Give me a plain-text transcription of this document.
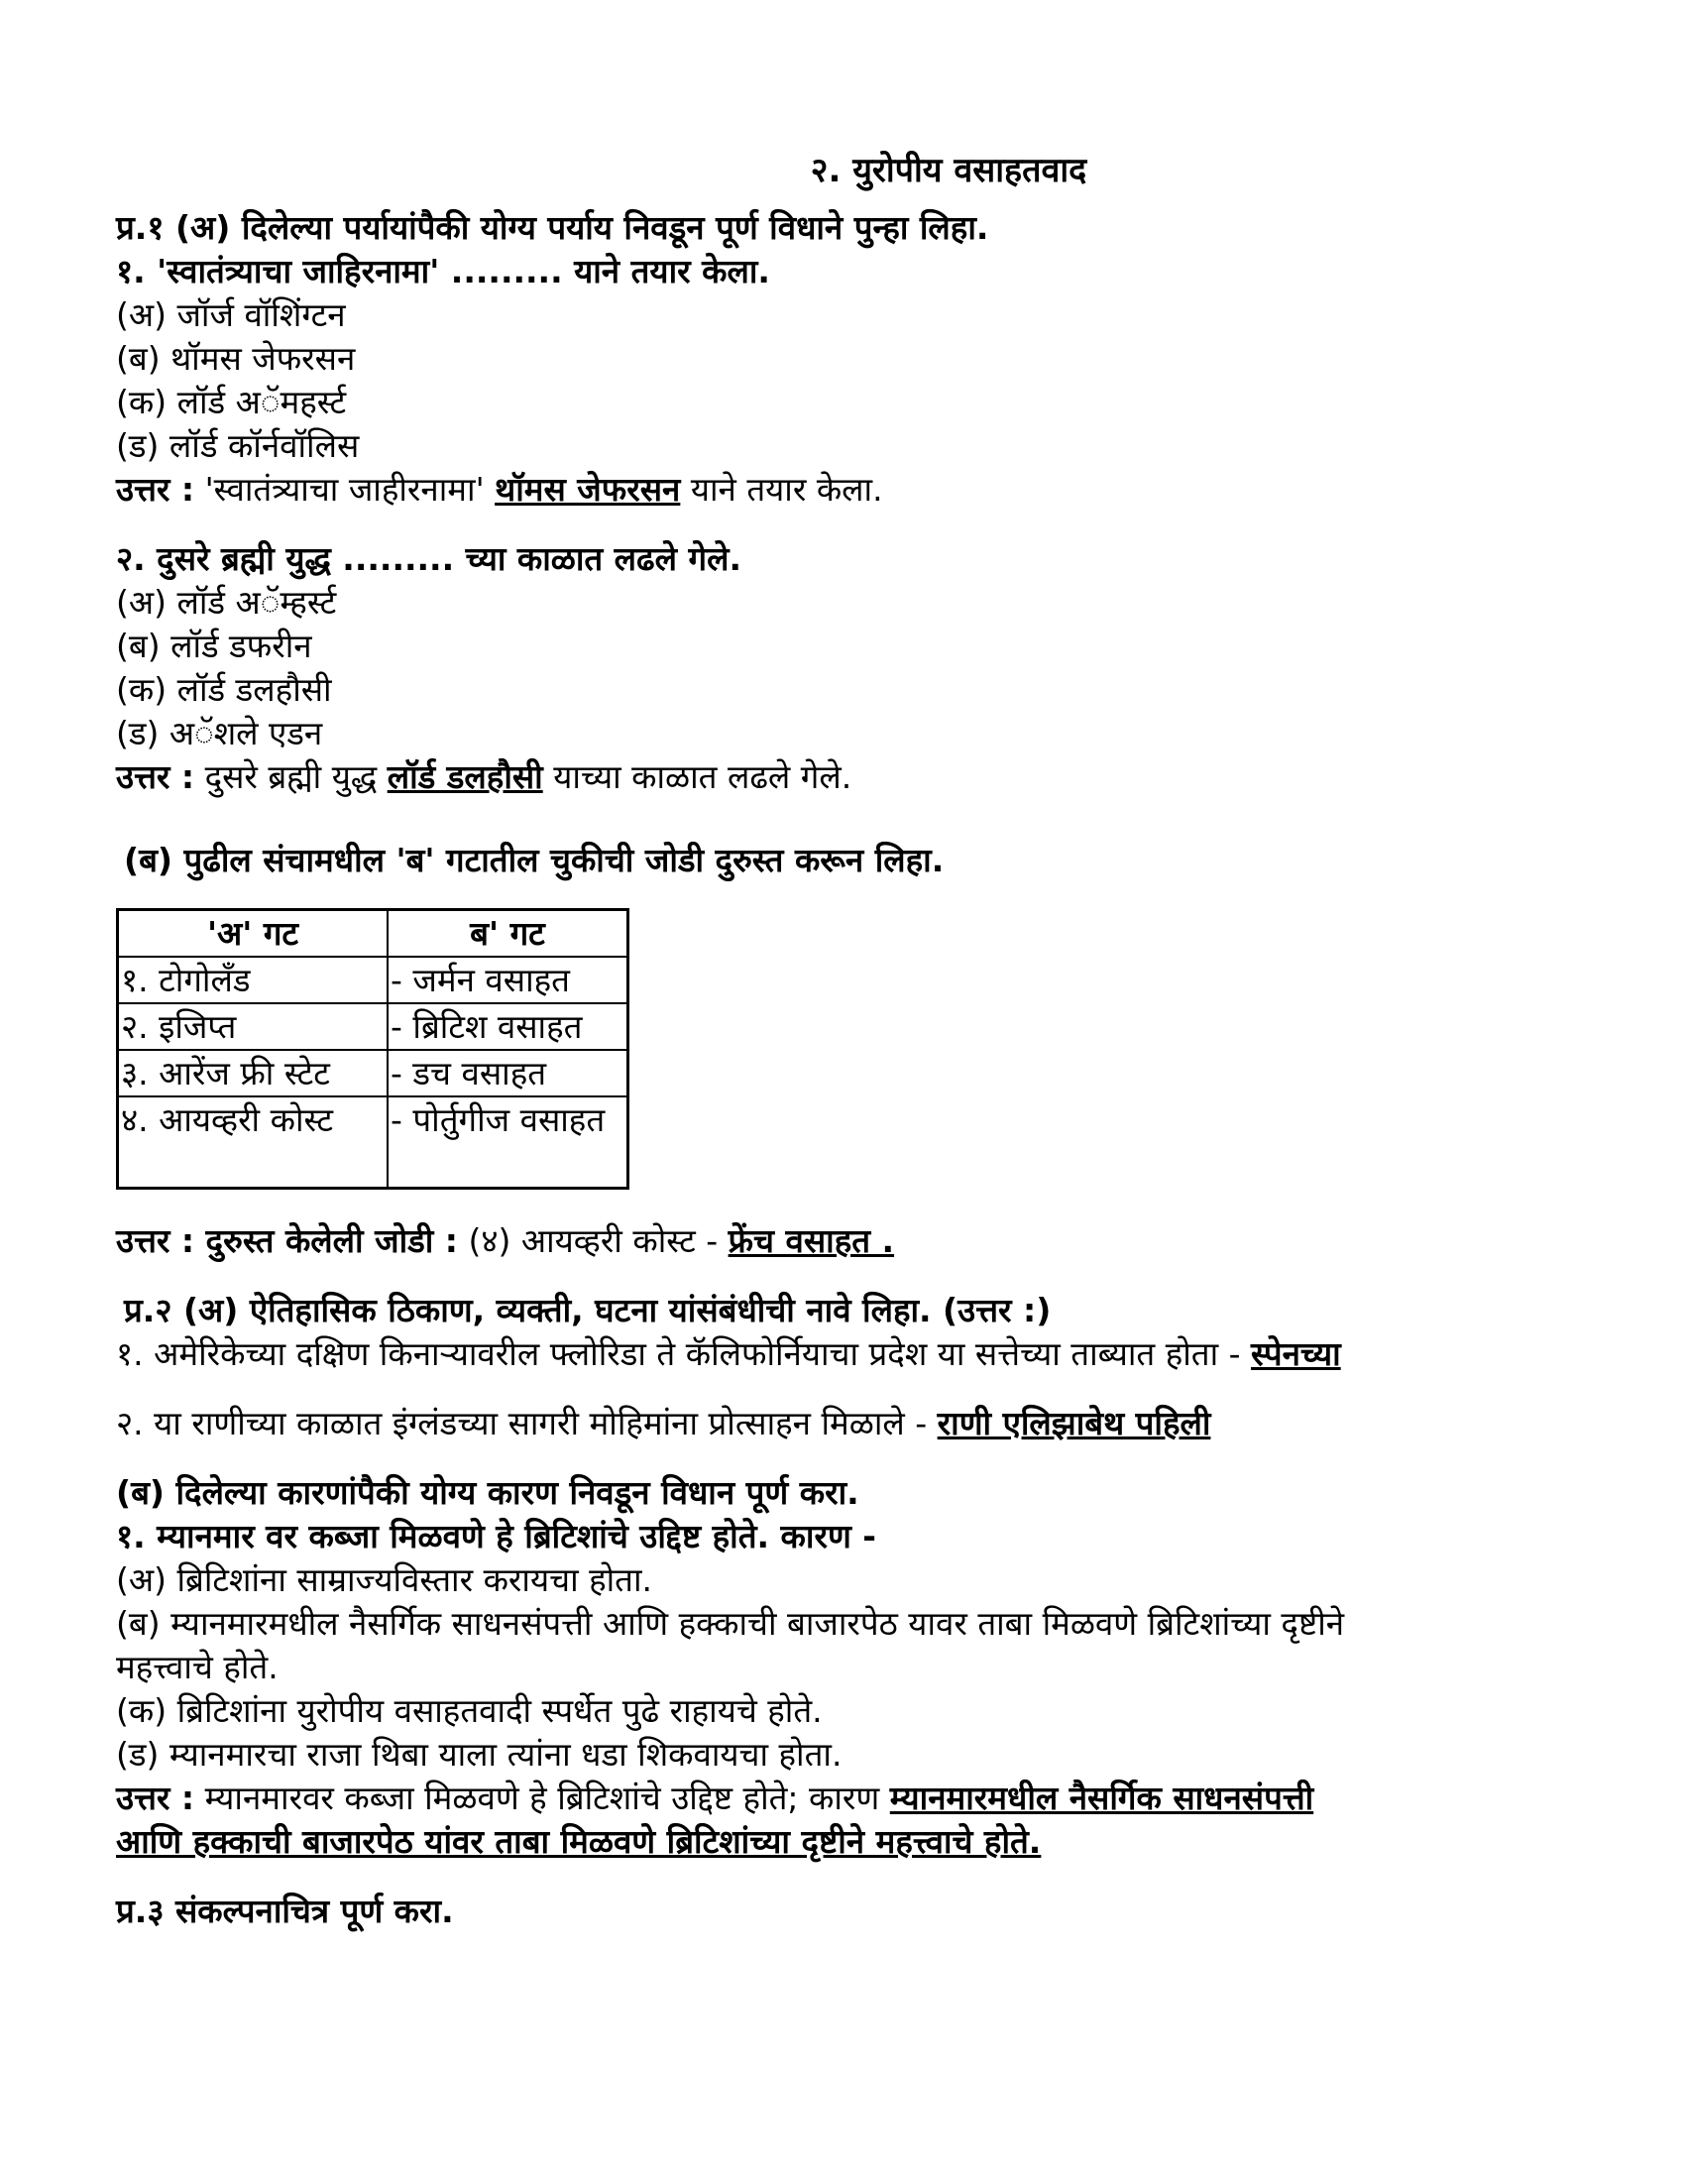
२. युरोपीय वसाहतवाद
प्र.१ (अ) दिलेल्या पर्यायांपैकी योग्य पर्याय निवडून पूर्ण विधाने पुन्हा लिहा.
१. 'स्वातंत्र्याचा जाहिरनामा' ......... याने तयार केला.
(अ) जॉर्ज वॉशिंग्टन
(ब) थॉमस जेफरसन
(क) लॉर्ड अॅमहर्स्ट
(ड) लॉर्ड कॉर्नवॉलिस
उत्तर : 'स्वातंत्र्याचा जाहीरनामा' थॉमस जेफरसन याने तयार केला.
२. दुसरे ब्रह्मी युद्ध ......... च्या काळात लढले गेले.
(अ) लॉर्ड अॅम्हर्स्ट
(ब) लॉर्ड डफरीन
(क) लॉर्ड डलहौसी
(ड) अॅशले एडन
उत्तर : दुसरे ब्रह्मी युद्ध लॉर्ड डलहौसी याच्या काळात लढले गेले.
(ब) पुढील संचामधील 'ब' गटातील चुकीची जोडी दुरुस्त करून लिहा.
'अ' गट	ब' गट
१. टोगोलँड	- जर्मन वसाहत
२. इजिप्त	- ब्रिटिश वसाहत
३. आरेंज फ्री स्टेट	- डच वसाहत
४. आयव्हरी कोस्ट	- पोर्तुगीज वसाहत
उत्तर : दुरुस्त केलेली जोडी : (४) आयव्हरी कोस्ट - फ्रेंच वसाहत .
प्र.२ (अ) ऐतिहासिक ठिकाण, व्यक्ती, घटना यांसंबंधीची नावे लिहा. (उत्तर :)
१. अमेरिकेच्या दक्षिण किनाऱ्यावरील फ्लोरिडा ते कॅलिफोर्नियाचा प्रदेश या सत्तेच्या ताब्यात होता - स्पेनच्या
२. या राणीच्या काळात इंग्लंडच्या सागरी मोहिमांना प्रोत्साहन मिळाले - राणी एलिझाबेथ पहिली
(ब) दिलेल्या कारणांपैकी योग्य कारण निवडून विधान पूर्ण करा.
१. म्यानमार वर कब्जा मिळवणे हे ब्रिटिशांचे उद्दिष्ट होते. कारण -
(अ) ब्रिटिशांना साम्राज्यविस्तार करायचा होता.
(ब) म्यानमारमधील नैसर्गिक साधनसंपत्ती आणि हक्काची बाजारपेठ यावर ताबा मिळवणे ब्रिटिशांच्या दृष्टीने
महत्त्वाचे होते.
(क) ब्रिटिशांना युरोपीय वसाहतवादी स्पर्धेत पुढे राहायचे होते.
(ड) म्यानमारचा राजा थिबा याला त्यांना धडा शिकवायचा होता.
उत्तर : म्यानमारवर कब्जा मिळवणे हे ब्रिटिशांचे उद्दिष्ट होते; कारण म्यानमारमधील नैसर्गिक साधनसंपत्ती
आणि हक्काची बाजारपेठ यांवर ताबा मिळवणे ब्रिटिशांच्या दृष्टीने महत्त्वाचे होते.
प्र.३ संकल्पनाचित्र पूर्ण करा.
